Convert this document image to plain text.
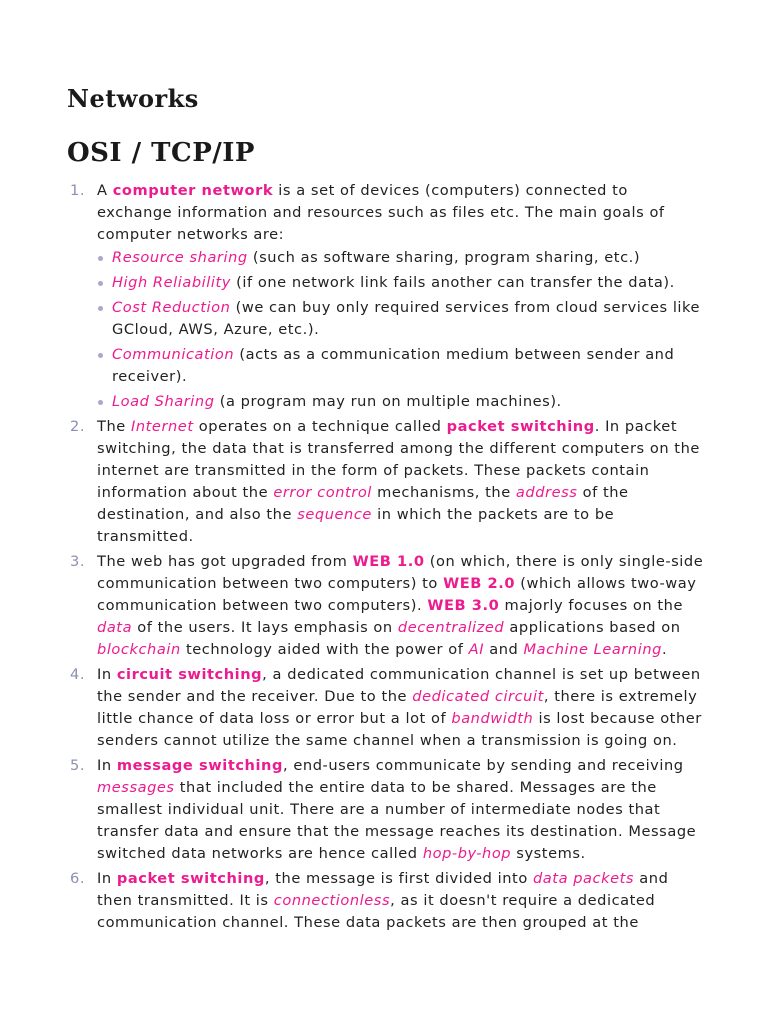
Networks
OSI / TCP/IP
1. A computer network is a set of devices (computers) connected to exchange information and resources such as files etc. The main goals of computer networks are:
Resource sharing (such as software sharing, program sharing, etc.)
High Reliability (if one network link fails another can transfer the data).
Cost Reduction (we can buy only required services from cloud services like GCloud, AWS, Azure, etc.).
Communication (acts as a communication medium between sender and receiver).
Load Sharing (a program may run on multiple machines).
2. The Internet operates on a technique called packet switching. In packet switching, the data that is transferred among the different computers on the internet are transmitted in the form of packets. These packets contain information about the error control mechanisms, the address of the destination, and also the sequence in which the packets are to be transmitted.
3. The web has got upgraded from WEB 1.0 (on which, there is only single-side communication between two computers) to WEB 2.0 (which allows two-way communication between two computers). WEB 3.0 majorly focuses on the data of the users. It lays emphasis on decentralized applications based on blockchain technology aided with the power of AI and Machine Learning.
4. In circuit switching, a dedicated communication channel is set up between the sender and the receiver. Due to the dedicated circuit, there is extremely little chance of data loss or error but a lot of bandwidth is lost because other senders cannot utilize the same channel when a transmission is going on.
5. In message switching, end-users communicate by sending and receiving messages that included the entire data to be shared. Messages are the smallest individual unit. There are a number of intermediate nodes that transfer data and ensure that the message reaches its destination. Message switched data networks are hence called hop-by-hop systems.
6. In packet switching, the message is first divided into data packets and then transmitted. It is connectionless, as it doesn't require a dedicated communication channel. These data packets are then grouped at the
